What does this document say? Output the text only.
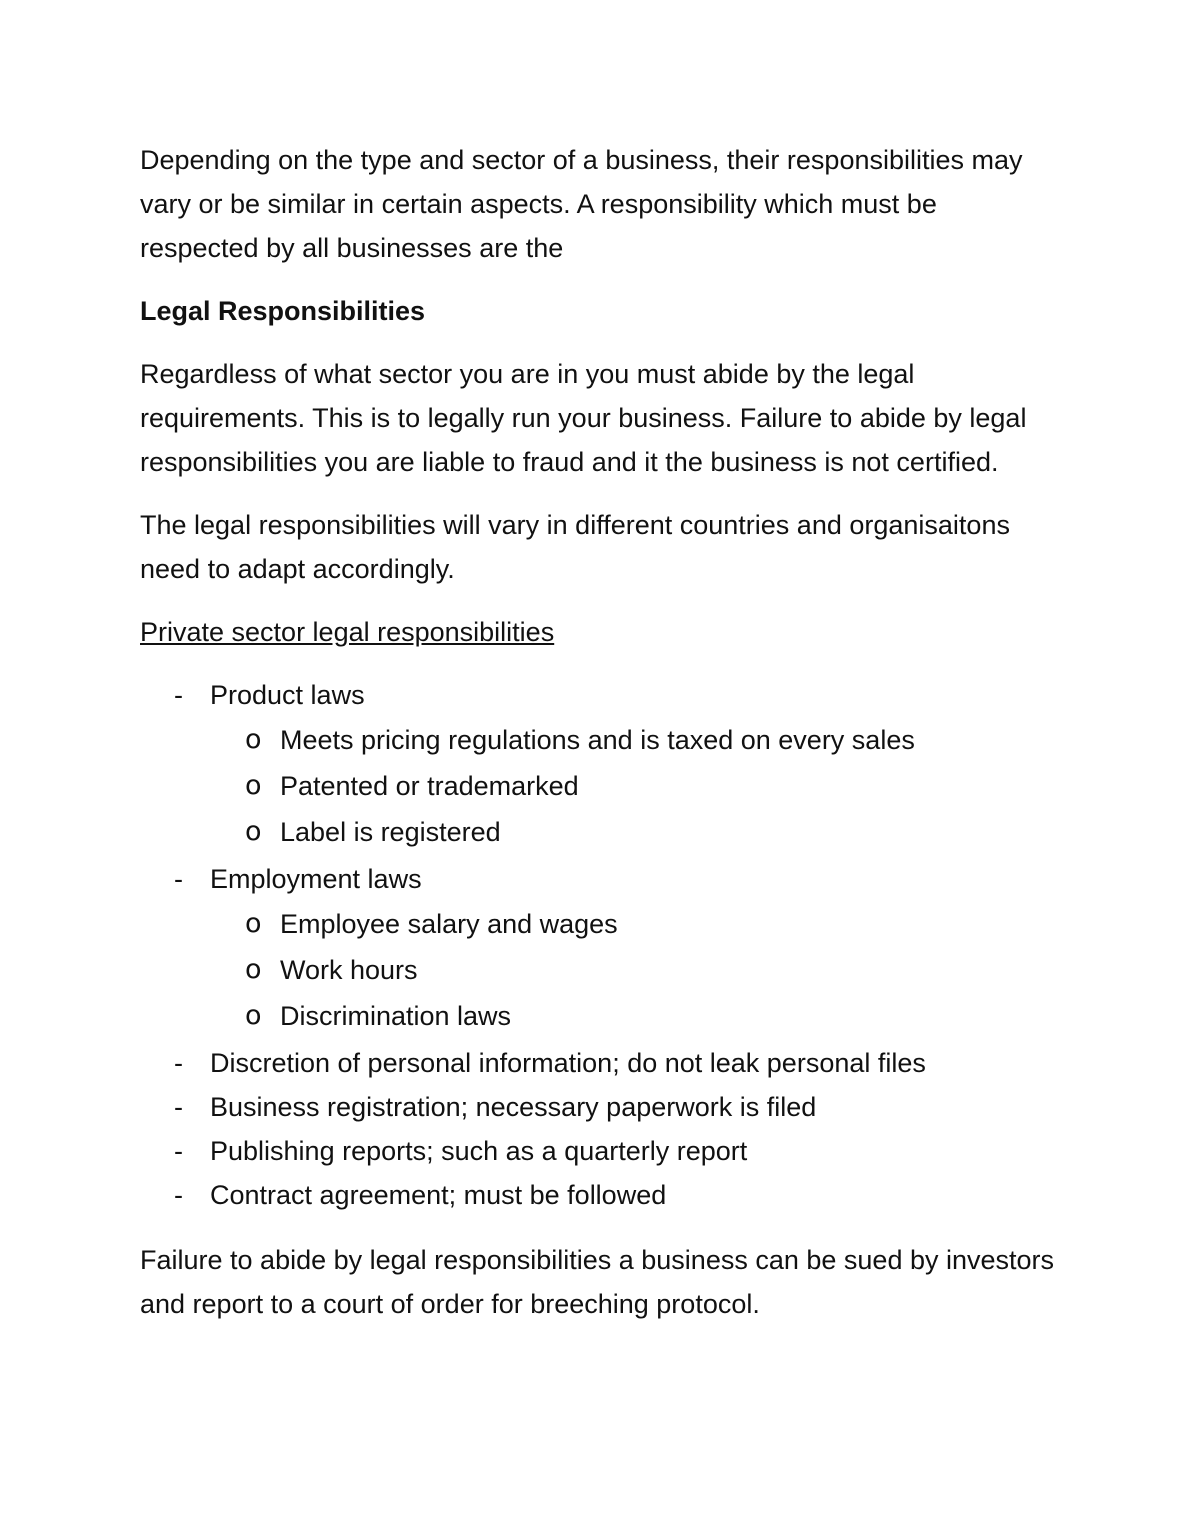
Depending on the type and sector of a business, their responsibilities may vary or be similar in certain aspects. A responsibility which must be respected by all businesses are the

Legal Responsibilities

Regardless of what sector you are in you must abide by the legal requirements. This is to legally run your business. Failure to abide by legal responsibilities you are liable to fraud and it the business is not certified.

The legal responsibilities will vary in different countries and organisaitons need to adapt accordingly.

Private sector legal responsibilities

- Product laws
o Meets pricing regulations and is taxed on every sales
o Patented or trademarked
o Label is registered
- Employment laws
o Employee salary and wages
o Work hours
o Discrimination laws
- Discretion of personal information; do not leak personal files
- Business registration; necessary paperwork is filed
- Publishing reports; such as a quarterly report
- Contract agreement; must be followed

Failure to abide by legal responsibilities a business can be sued by investors and report to a court of order for breeching protocol.
